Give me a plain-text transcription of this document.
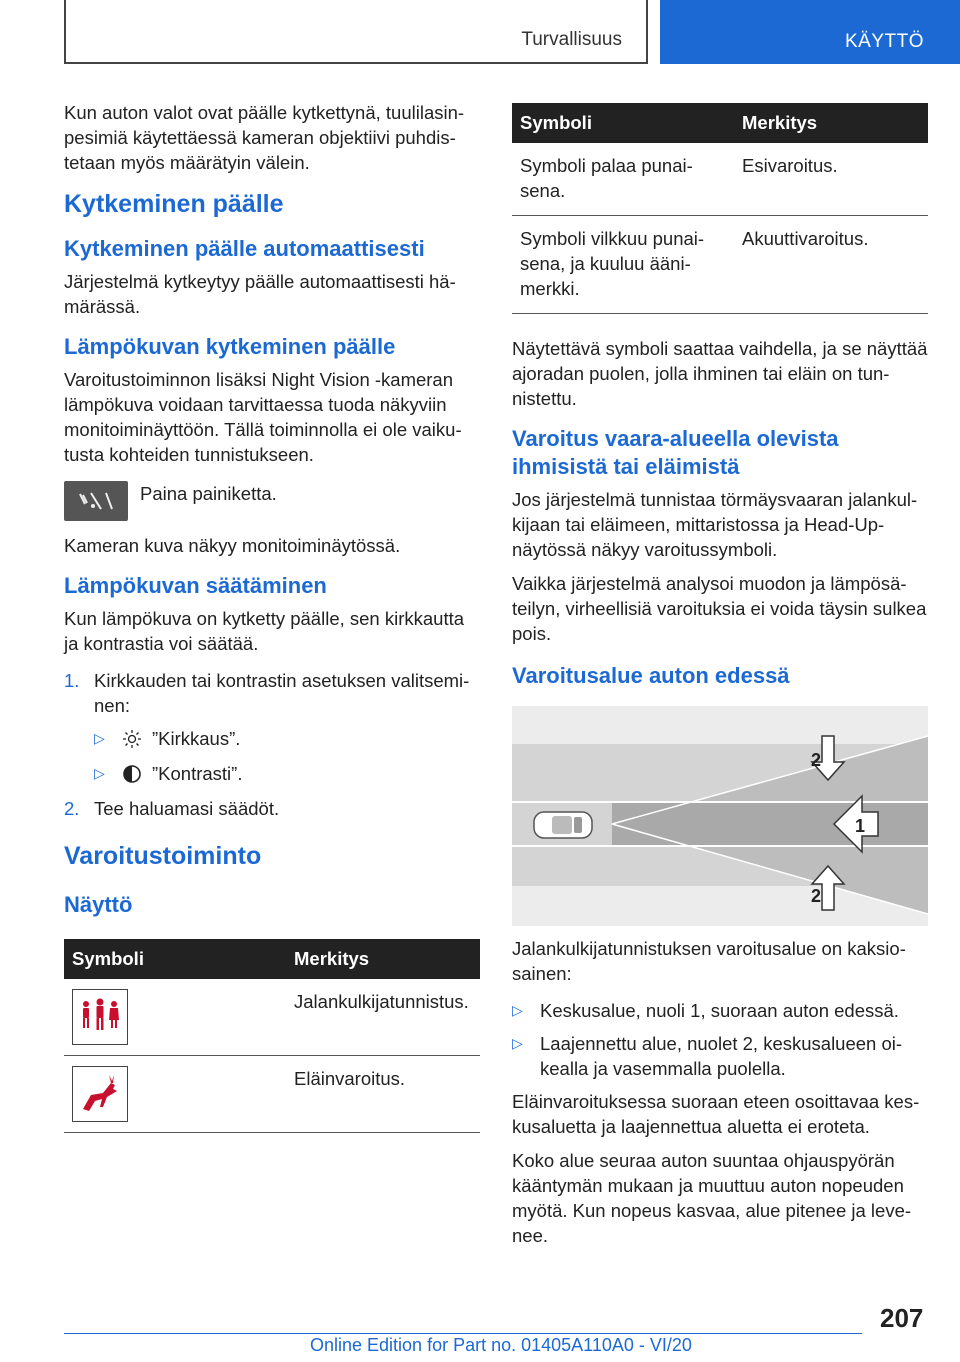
Turvallisuus	KÄYTTÖ

Kun auton valot ovat päälle kytkettynä, tuulilasinpesimiä käytettäessä kameran objektiivi puhdistetaan myös määrätyin välein.

Kytkeminen päälle
Kytkeminen päälle automaattisesti

Järjestelmä kytkeytyy päälle automaattisesti hämärässä.

Lämpökuvan kytkeminen päälle

Varoitustoiminnon lisäksi Night Vision -kameran lämpökuva voidaan tarvittaessa tuoda näkyviin monitoiminäyttöön. Tällä toiminnolla ei ole vaikutusta kohteiden tunnistukseen.

Paina painiketta.

Kameran kuva näkyy monitoiminäytössä.

Lämpökuvan säätäminen

Kun lämpökuva on kytketty päälle, sen kirkkautta ja kontrastia voi säätää.

1. Kirkkauden tai kontrastin asetuksen valitseminen:
▷	”Kirkkaus”.
▷	”Kontrasti”.
2. Tee haluamasi säädöt.
Varoitustoiminto
Näyttö
Symboli	Merkitys

	Jalankulkijatunnistus.

	Eläinvaroitus.
Symboli	Merkitys
Symboli palaa punaisena.	Esivaroitus.
Symboli vilkkuu punaisena, ja kuuluu äänimerkki.	Akuuttivaroitus.

Näytettävä symboli saattaa vaihdella, ja se näyttää ajoradan puolen, jolla ihminen tai eläin on tunnistettu.

Varoitus vaara-alueella olevista ihmisistä tai eläimistä

Jos järjestelmä tunnistaa törmäysvaaran jalankulkijaan tai eläimeen, mittaristossa ja Head-Up-näytössä näkyy varoitussymboli.

Vaikka järjestelmä analysoi muodon ja lämpösäteilyn, virheellisiä varoituksia ei voida täysin sulkea pois.

Varoitusalue auton edessä
1
2
2

Jalankulkijatunnistuksen varoitusalue on kaksiosainen:

▷ Keskusalue, nuoli 1, suoraan auton edessä.
▷ Laajennettu alue, nuolet 2, keskusalueen oikealla ja vasemmalla puolella.

Eläinvaroituksessa suoraan eteen osoittavaa keskusaluetta ja laajennettua aluetta ei eroteta.

Koko alue seuraa auton suuntaa ohjauspyörän kääntymän mukaan ja muuttuu auton nopeuden myötä. Kun nopeus kasvaa, alue pitenee ja levenee.

207
Online Edition for Part no. 01405A110A0 - VI/20
